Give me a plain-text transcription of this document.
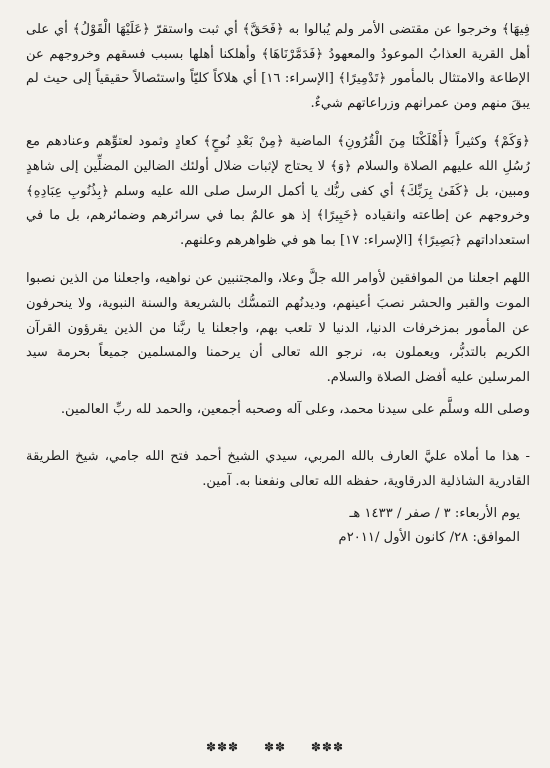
فِيهَا﴾ وخرجوا عن مقتضى الأمر ولم يُبالوا به ﴿فَحَقَّ﴾ أي ثبت واستقرّ ﴿عَلَيْهَا الْقَوْلُ﴾ أي على أهل القرية العذابُ الموعودُ والمعهودُ ﴿فَدَمَّرْنَاهَا﴾ وأهلكنا أهلها بسبب فسقهم وخروجهم عن الإطاعة والامتثال بالمأمور ﴿تَدْمِيرًا﴾ [الإسراء: ١٦] أي هلاكاً كليّاً واستئصالاً حقيقياً إلى حيث لم يبقَ منهم ومن عمرانهم وزراعاتهم شيءٌ.

﴿وَكَمْ﴾ وكثيراً ﴿أَهْلَكْنَا مِنَ الْقُرُونِ﴾ الماضية ﴿مِنْ بَعْدِ نُوحٍ﴾ كعادٍ وثمود لعتوِّهم وعنادهم مع رُسُلِ الله عليهم الصلاة والسلام ﴿وَ﴾ لا يحتاج لإثبات ضلال أولئك الضالين المضلِّين إلى شاهدٍ ومبين، بل ﴿كَفَىٰ بِرَبِّكَ﴾ أي كفى ربُّك يا أكمل الرسل صلى الله عليه وسلم ﴿بِذُنُوبِ عِبَادِهِ﴾ وخروجهم عن إطاعته وانقياده ﴿خَبِيرًا﴾ إذ هو عالمٌ بما في سرائرهم وضمائرهم، بل ما في استعداداتهم ﴿بَصِيرًا﴾ [الإسراء: ١٧] بما هو في ظواهرهم وعلنهم.

اللهم اجعلنا من الموافقين لأوامر الله جلَّ وعلا، والمجتنبين عن نواهيه، واجعلنا من الذين نصبوا الموت والقبر والحشر نصبَ أعينهم، وديدنُهم التمسُّك بالشريعة والسنة النبوية، ولا ينحرفون عن المأمور بمزخرفات الدنيا، الدنيا لا تلعب بهم، واجعلنا يا ربَّنا من الذين يقرؤون القرآن الكريم بالتدبُّر، ويعملون به، نرجو الله تعالى أن يرحمنا والمسلمين جميعاً بحرمة سيد المرسلين عليه أفضل الصلاة والسلام.

وصلى الله وسلَّم على سيدنا محمد، وعلى آله وصحبه أجمعين، والحمد لله ربِّ العالمين.

- هذا ما أملاه عليَّ العارف بالله المربي، سيدي الشيخ أحمد فتح الله جامي، شيخ الطريقة القادرية الشاذلية الدرقاوية، حفظه الله تعالى ونفعنا به. آمين.

يوم الأربعاء: ٣ / صفر / ١٤٣٣ هـ

الموافق: ٢٨/ كانون الأول /٢٠١١م

✽✽✽ ✽✽ ✽✽✽
